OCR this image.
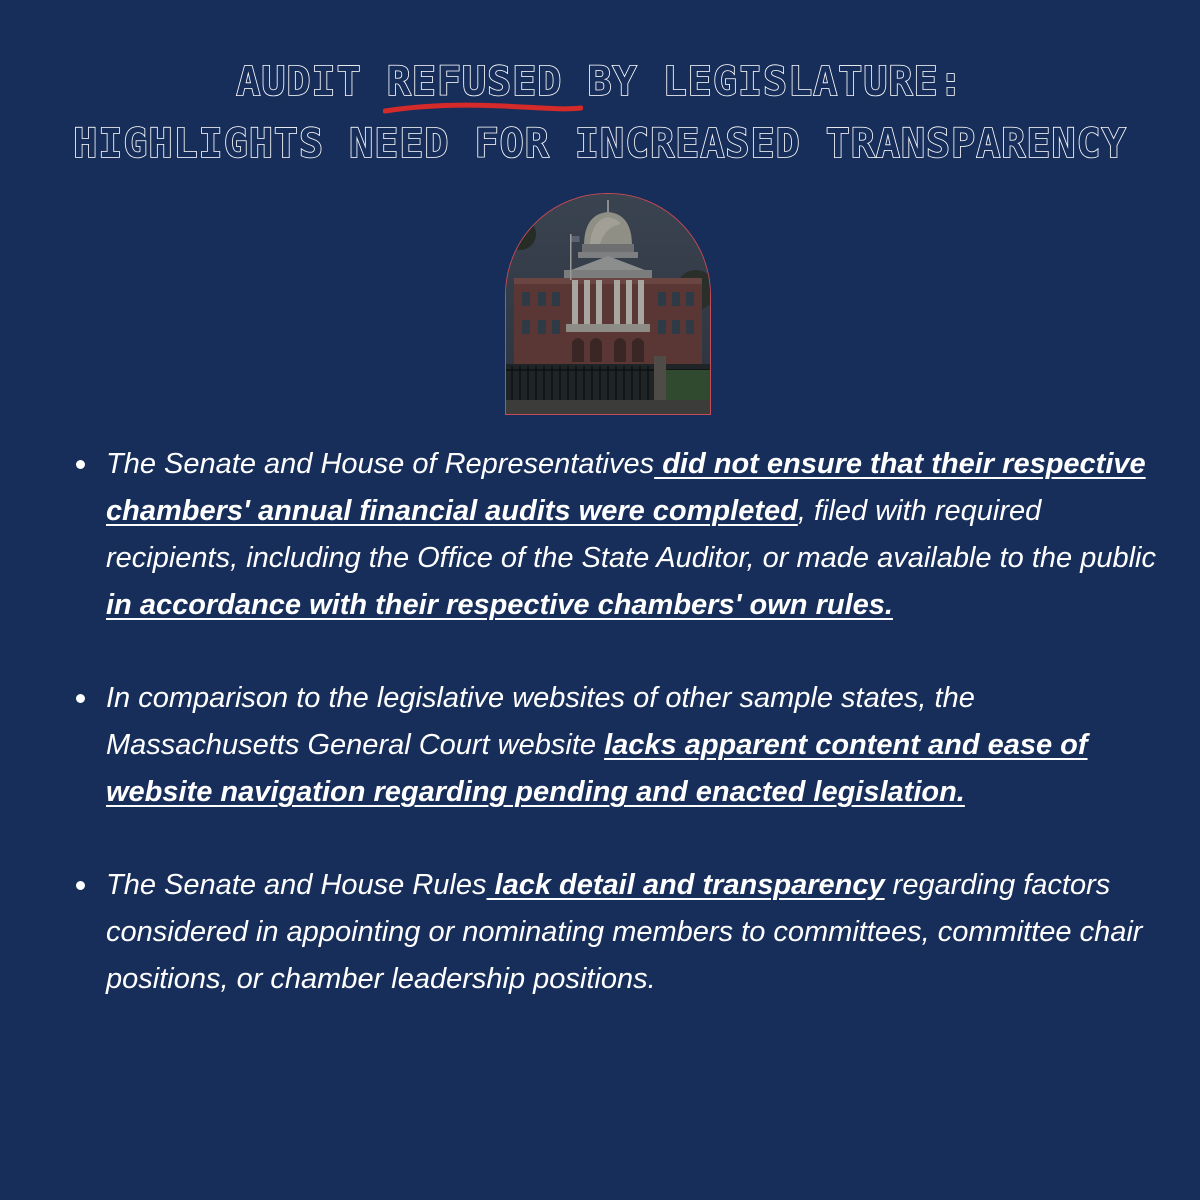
AUDIT REFUSED BY LEGISLATURE:
HIGHLIGHTS NEED FOR INCREASED TRANSPARENCY
The Senate and House of Representatives did not ensure that their respective chambers' annual financial audits were completed, filed with required recipients, including the Office of the State Auditor, or made available to the public in accordance with their respective chambers' own rules.
In comparison to the legislative websites of other sample states, the Massachusetts General Court website lacks apparent content and ease of website navigation regarding pending and enacted legislation.
The Senate and House Rules lack detail and transparency regarding factors considered in appointing or nominating members to committees, committee chair positions, or chamber leadership positions.
